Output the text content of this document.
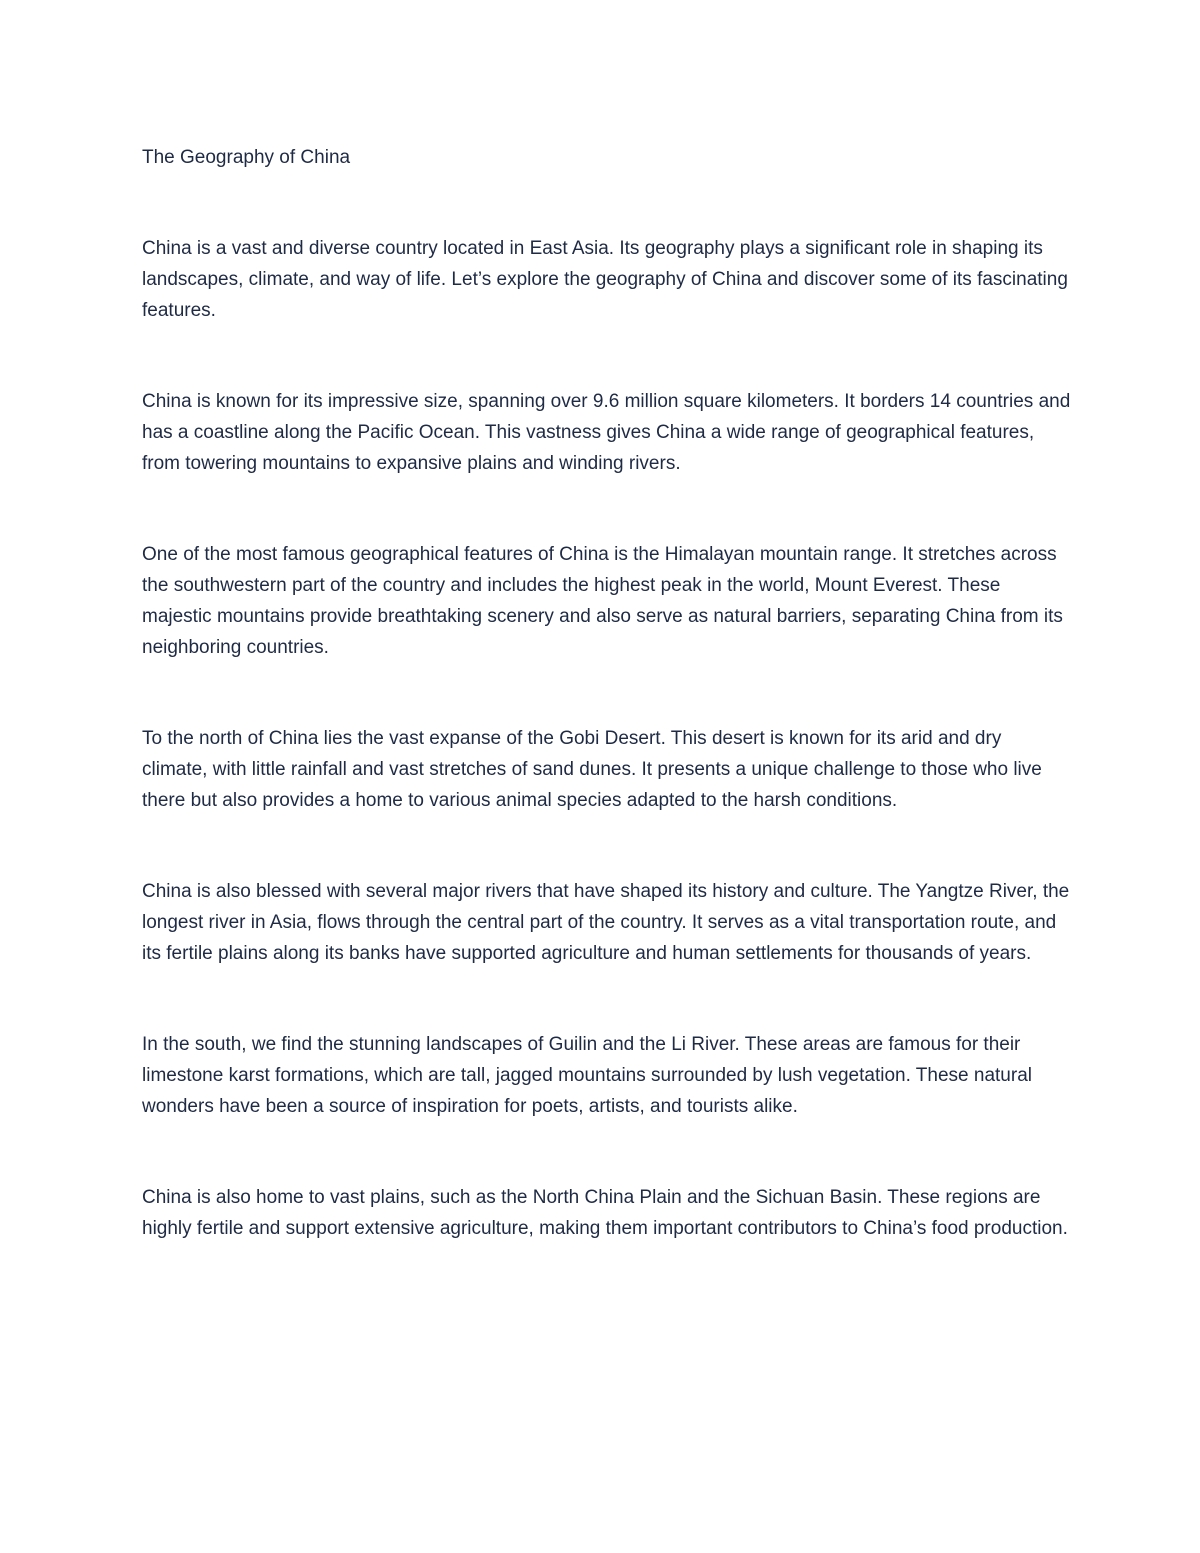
The Geography of China

China is a vast and diverse country located in East Asia. Its geography plays a significant role in shaping its landscapes, climate, and way of life. Let’s explore the geography of China and discover some of its fascinating features.

China is known for its impressive size, spanning over 9.6 million square kilometers. It borders 14 countries and has a coastline along the Pacific Ocean. This vastness gives China a wide range of geographical features, from towering mountains to expansive plains and winding rivers.

One of the most famous geographical features of China is the Himalayan mountain range. It stretches across the southwestern part of the country and includes the highest peak in the world, Mount Everest. These majestic mountains provide breathtaking scenery and also serve as natural barriers, separating China from its neighboring countries.

To the north of China lies the vast expanse of the Gobi Desert. This desert is known for its arid and dry climate, with little rainfall and vast stretches of sand dunes. It presents a unique challenge to those who live there but also provides a home to various animal species adapted to the harsh conditions.

China is also blessed with several major rivers that have shaped its history and culture. The Yangtze River, the longest river in Asia, flows through the central part of the country. It serves as a vital transportation route, and its fertile plains along its banks have supported agriculture and human settlements for thousands of years.

In the south, we find the stunning landscapes of Guilin and the Li River. These areas are famous for their limestone karst formations, which are tall, jagged mountains surrounded by lush vegetation. These natural wonders have been a source of inspiration for poets, artists, and tourists alike.

China is also home to vast plains, such as the North China Plain and the Sichuan Basin. These regions are highly fertile and support extensive agriculture, making them important contributors to China’s food production.
